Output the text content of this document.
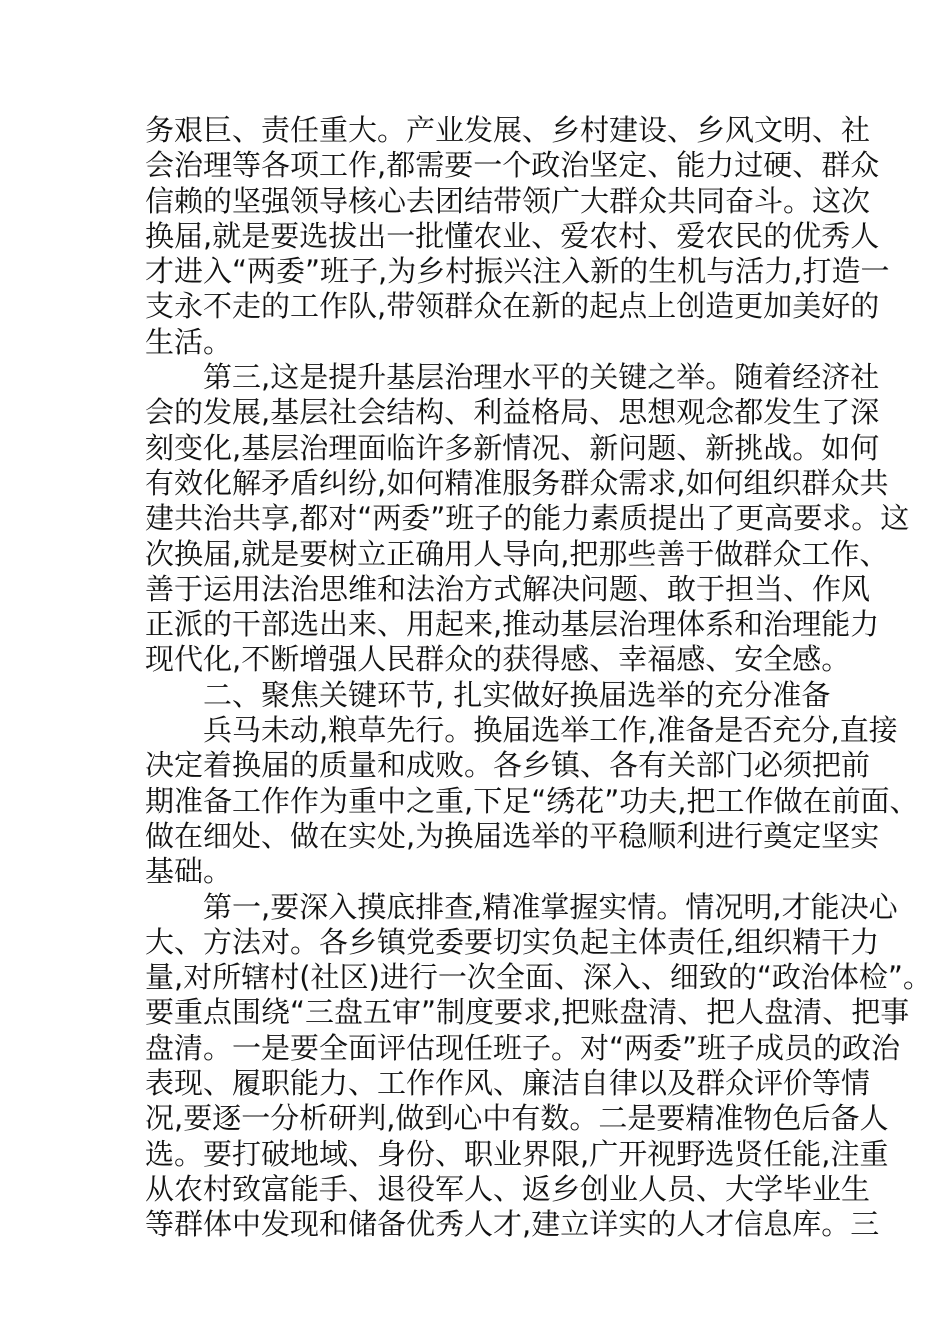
务艰巨、责任重大。产业发展、乡村建设、乡风文明、社
会治理等各项工作,都需要一个政治坚定、能力过硬、群众
信赖的坚强领导核心去团结带领广大群众共同奋斗。这次
换届,就是要选拔出一批懂农业、爱农村、爱农民的优秀人
才进入“两委”班子,为乡村振兴注入新的生机与活力,打造一
支永不走的工作队,带领群众在新的起点上创造更加美好的
生活。
第三,这是提升基层治理水平的关键之举。随着经济社
会的发展,基层社会结构、利益格局、思想观念都发生了深
刻变化,基层治理面临许多新情况、新问题、新挑战。如何
有效化解矛盾纠纷,如何精准服务群众需求,如何组织群众共
建共治共享,都对“两委”班子的能力素质提出了更高要求。这
次换届,就是要树立正确用人导向,把那些善于做群众工作、
善于运用法治思维和法治方式解决问题、敢于担当、作风
正派的干部选出来、用起来,推动基层治理体系和治理能力
现代化,不断增强人民群众的获得感、幸福感、安全感。
二、聚焦关键环节, 扎实做好换届选举的充分准备
兵马未动,粮草先行。换届选举工作,准备是否充分,直接
决定着换届的质量和成败。各乡镇、各有关部门必须把前
期准备工作作为重中之重,下足“绣花”功夫,把工作做在前面、
做在细处、做在实处,为换届选举的平稳顺利进行奠定坚实
基础。
第一,要深入摸底排查,精准掌握实情。情况明,才能决心
大、方法对。各乡镇党委要切实负起主体责任,组织精干力
量,对所辖村(社区)进行一次全面、深入、细致的“政治体检”。
要重点围绕“三盘五审”制度要求,把账盘清、把人盘清、把事
盘清。一是要全面评估现任班子。对“两委”班子成员的政治
表现、履职能力、工作作风、廉洁自律以及群众评价等情
况,要逐一分析研判,做到心中有数。二是要精准物色后备人
选。要打破地域、身份、职业界限,广开视野选贤任能,注重
从农村致富能手、退役军人、返乡创业人员、大学毕业生
等群体中发现和储备优秀人才,建立详实的人才信息库。三
